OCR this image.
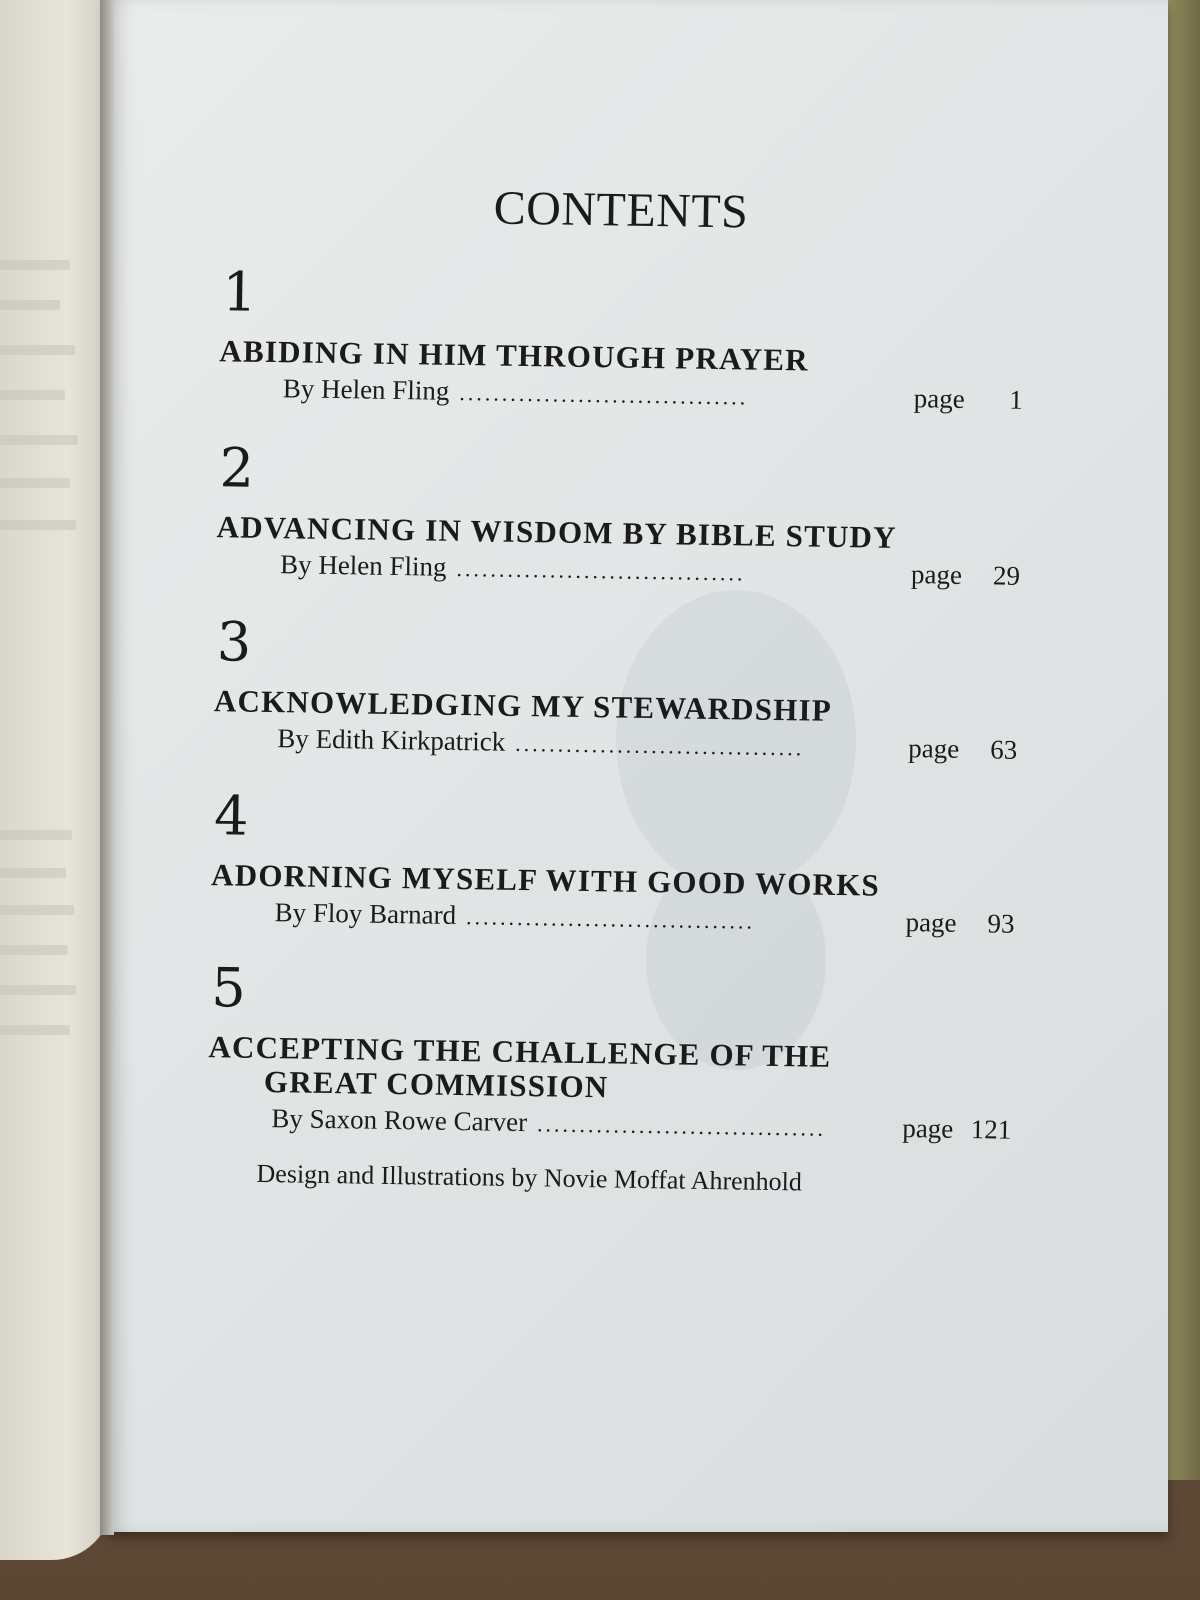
CONTENTS
1
ABIDING IN HIM THROUGH PRAYER
By Helen Fling ..................................	page	1
2
ADVANCING IN WISDOM BY BIBLE STUDY
By Helen Fling ..................................	page	29
3
ACKNOWLEDGING MY STEWARDSHIP
By Edith Kirkpatrick ..................................	page	63
4
ADORNING MYSELF WITH GOOD WORKS
By Floy Barnard ..................................	page	93
5
ACCEPTING THE CHALLENGE OF THE
GREAT COMMISSION
By Saxon Rowe Carver ..................................	page 121
Design and Illustrations by Novie Moffat Ahrenhold
